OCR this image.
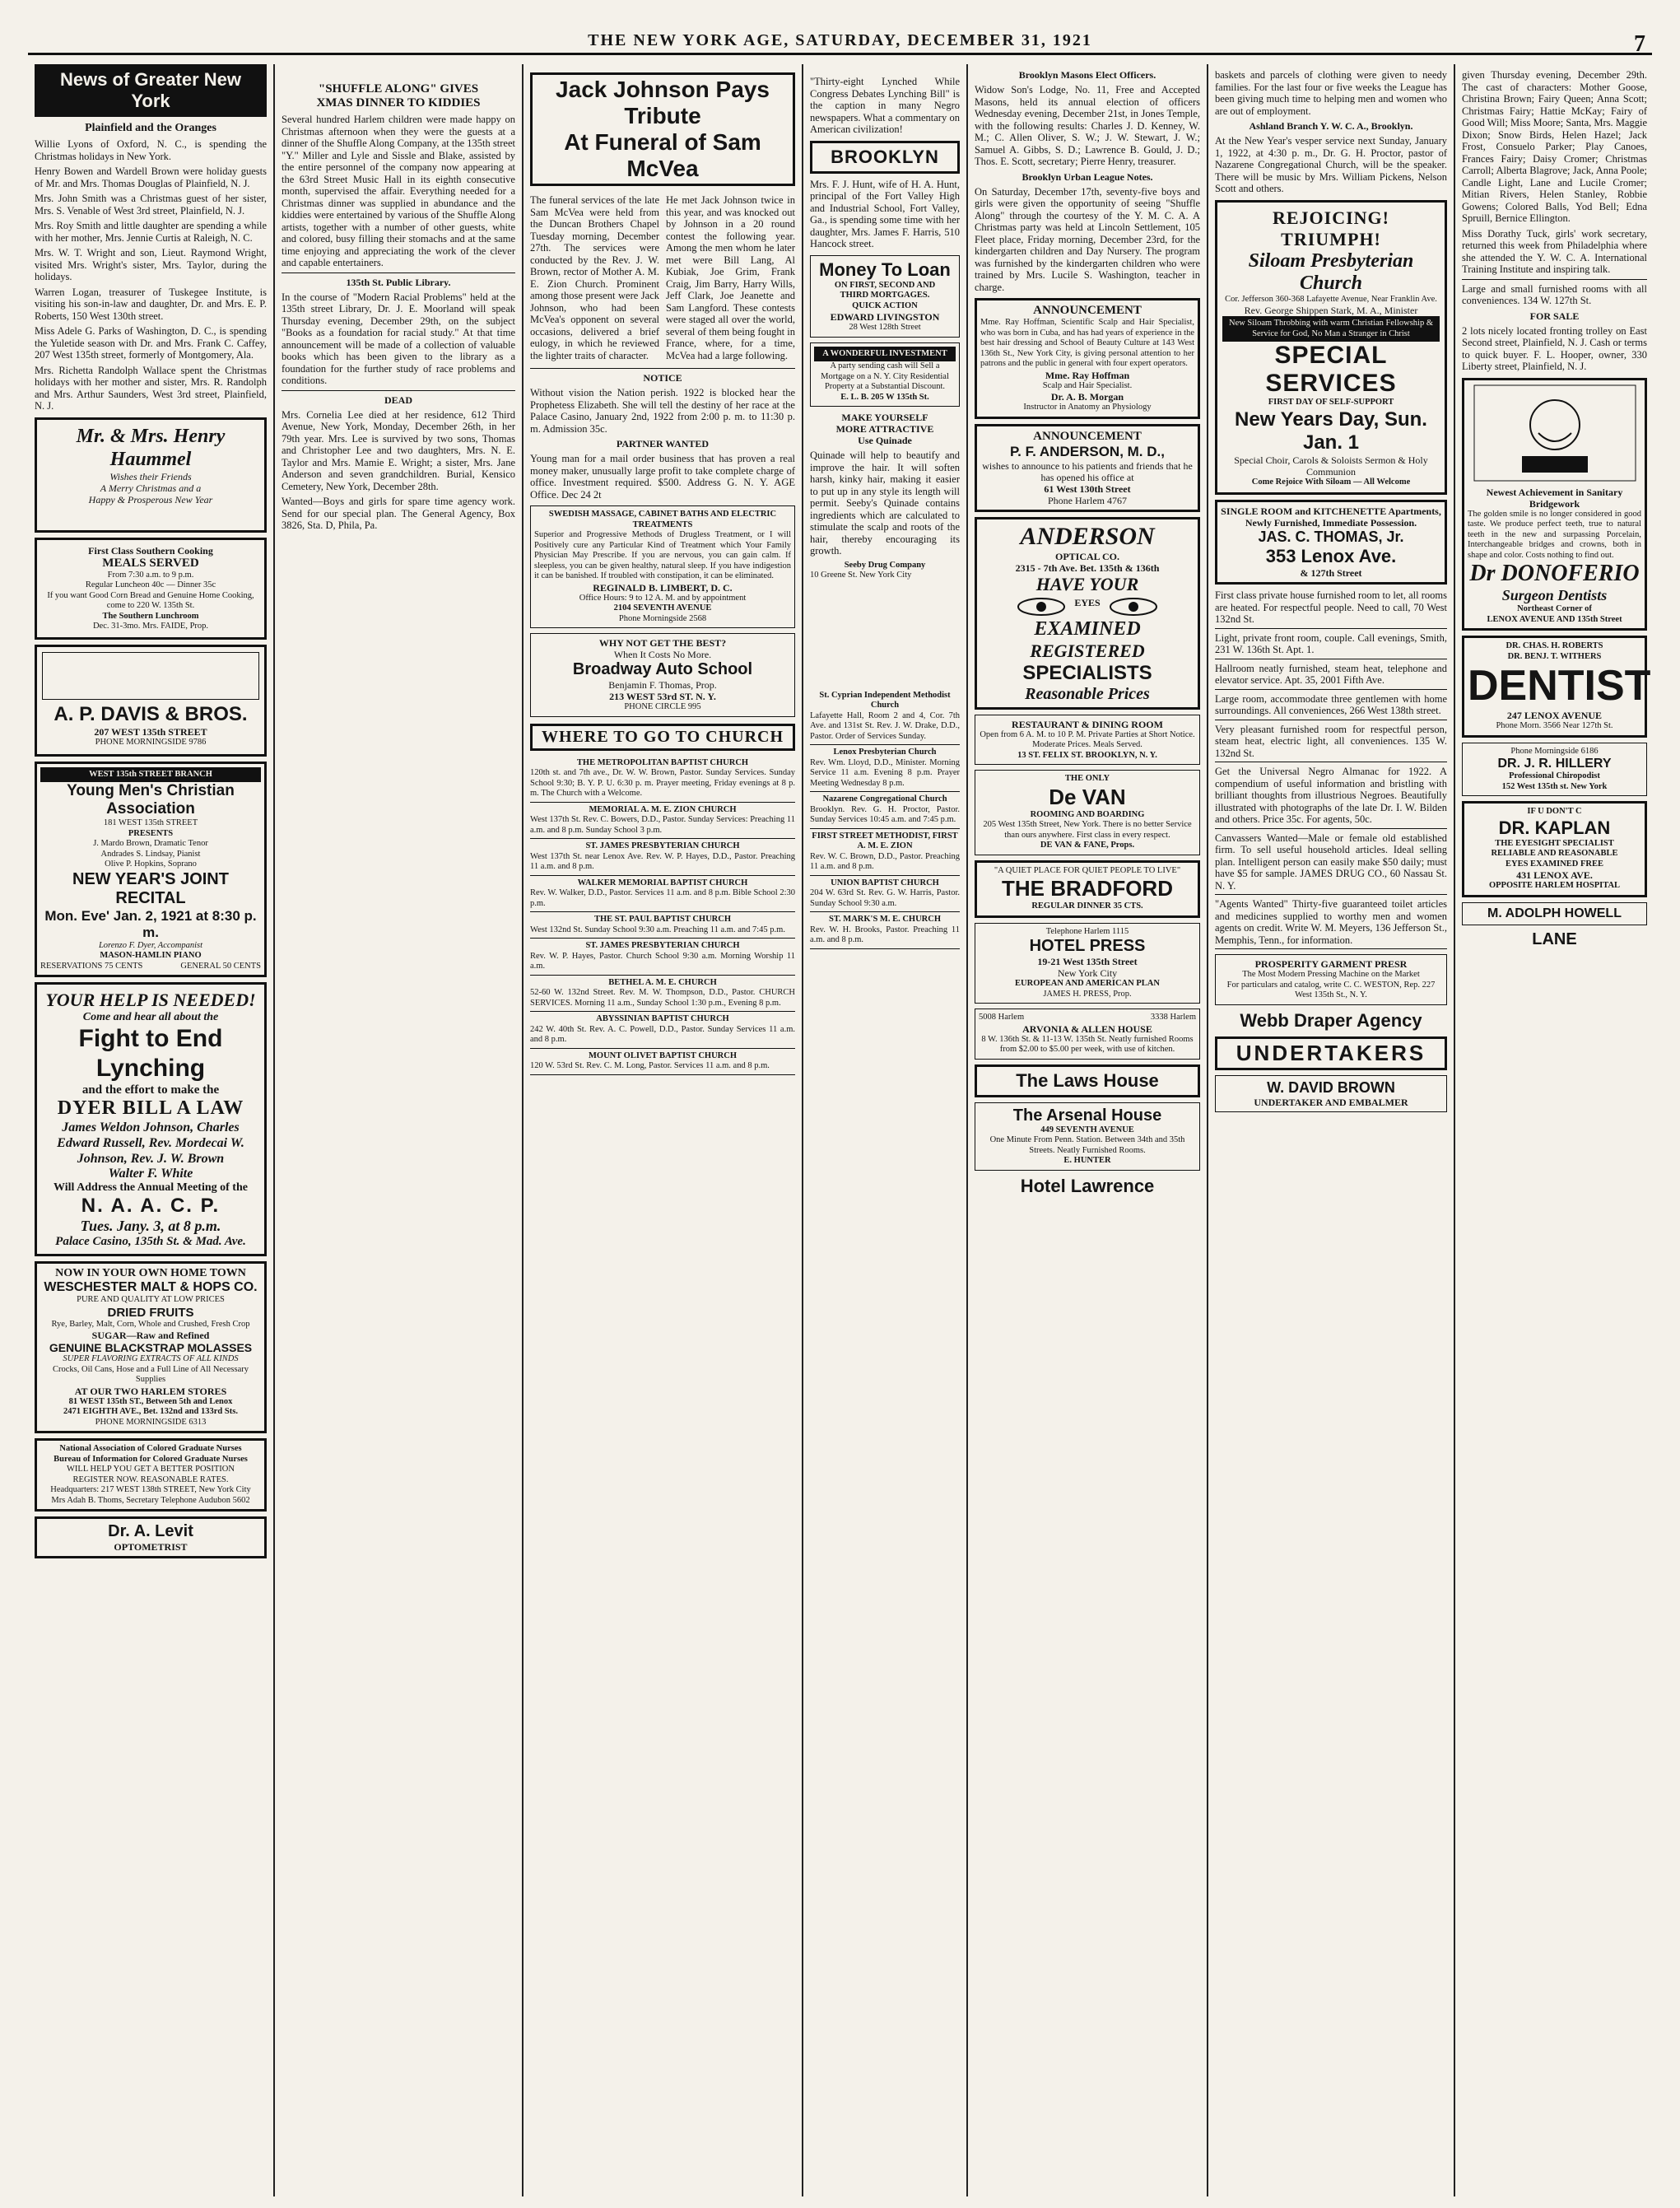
THE NEW YORK AGE, SATURDAY, DECEMBER 31, 1921	7
News of Greater New York
Plainfield and the Oranges

Willie Lyons of Oxford, N. C., is spending the Christmas holidays in New York.

Henry Bowen and Wardell Brown were holiday guests of Mr. and Mrs. Thomas Douglas of Plainfield, N. J.

Mrs. John Smith was a Christmas guest of her sister, Mrs. S. Venable of West 3rd street, Plainfield, N. J.

Mrs. Roy Smith and little daughter are spending a while with her mother, Mrs. Jennie Curtis at Raleigh, N. C.

Mrs. W. T. Wright and son, Lieut. Raymond Wright, visited Mrs. Wright's sister, Mrs. Taylor, during the holidays.

Warren Logan, treasurer of Tuskegee Institute, is visiting his son-in-law and daughter, Dr. and Mrs. E. P. Roberts, 150 West 130th street.

Miss Adele G. Parks of Washington, D. C., is spending the Yuletide season with Dr. and Mrs. Frank C. Caffey, 207 West 135th street, formerly of Montgomery, Ala.

Mrs. Richetta Randolph Wallace spent the Christmas holidays with her mother and sister, Mrs. R. Randolph and Mrs. Arthur Saunders, West 3rd street, Plainfield, N. J.

Mr. & Mrs. Henry Haummel
Wishes their Friends
A Merry Christmas and a
Happy & Prosperous New Year
First Class Southern Cooking
MEALS SERVED
From 7:30 a.m. to 9 p.m.
Regular Luncheon 40c — Dinner 35c
If you want Good Corn Bread and Genuine Home Cooking, come to 220 W. 135th St.
The Southern Lunchroom
Dec. 31-3mo. Mrs. FAIDE, Prop.
A. P. DAVIS & BROS.
207 WEST 135th STREET
PHONE MORNINGSIDE 9786
WEST 135th STREET BRANCH
Young Men's Christian Association
181 WEST 135th STREET
PRESENTS
J. Mardo Brown, Dramatic Tenor
Andrades S. Lindsay, Pianist
Olive P. Hopkins, Soprano
NEW YEAR'S JOINT RECITAL
Mon. Eve' Jan. 2, 1921 at 8:30 p. m.
Lorenzo F. Dyer, Accompanist
MASON-HAMLIN PIANO
RESERVATIONS 75 CENTS	GENERAL 50 CENTS
YOUR HELP IS NEEDED!
Come and hear all about the
Fight to End Lynching
and the effort to make the
DYER BILL A LAW
James Weldon Johnson, Charles Edward Russell, Rev. Mordecai W. Johnson, Rev. J. W. Brown
Walter F. White
Will Address the Annual Meeting of the
N. A. A. C. P.
Tues. Jany. 3, at 8 p.m.
Palace Casino, 135th St. & Mad. Ave.
NOW IN YOUR OWN HOME TOWN
WESCHESTER MALT & HOPS CO.
PURE AND QUALITY AT LOW PRICES
DRIED FRUITS
Rye, Barley, Malt, Corn, Whole and Crushed, Fresh Crop
SUGAR—Raw and Refined
GENUINE BLACKSTRAP MOLASSES
SUPER FLAVORING EXTRACTS OF ALL KINDS
Crocks, Oil Cans, Hose and a Full Line of All Necessary Supplies
AT OUR TWO HARLEM STORES
81 WEST 135th ST., Between 5th and Lenox
2471 EIGHTH AVE., Bet. 132nd and 133rd Sts.
PHONE MORNINGSIDE 6313
National Association of Colored Graduate Nurses
Bureau of Information for Colored Graduate Nurses
WILL HELP YOU GET A BETTER POSITION
REGISTER NOW. REASONABLE RATES.
Headquarters: 217 WEST 138th STREET, New York City
Mrs Adah B. Thoms, Secretary Telephone Audubon 5602
Dr. A. Levit
OPTOMETRIST
"SHUFFLE ALONG" GIVES
XMAS DINNER TO KIDDIES

Several hundred Harlem children were made happy on Christmas afternoon when they were the guests at a dinner of the Shuffle Along Company, at the 135th street "Y." Miller and Lyle and Sissle and Blake, assisted by the entire personnel of the company now appearing at the 63rd Street Music Hall in its eighth consecutive month, supervised the affair. Everything needed for a Christmas dinner was supplied in abundance and the kiddies were entertained by various of the Shuffle Along artists, together with a number of other guests, white and colored, busy filling their stomachs and at the same time enjoying and appreciating the work of the clever and capable entertainers.

135th St. Public Library.

In the course of "Modern Racial Problems" held at the 135th street Library, Dr. J. E. Moorland will speak Thursday evening, December 29th, on the subject "Books as a foundation for racial study." At that time announcement will be made of a collection of valuable books which has been given to the library as a foundation for the further study of race problems and conditions.

DEAD

Mrs. Cornelia Lee died at her residence, 612 Third Avenue, New York, Monday, December 26th, in her 79th year. Mrs. Lee is survived by two sons, Thomas and Christopher Lee and two daughters, Mrs. N. E. Taylor and Mrs. Mamie E. Wright; a sister, Mrs. Jane Anderson and seven grandchildren. Burial, Kensico Cemetery, New York, December 28th.

Wanted—Boys and girls for spare time agency work. Send for our special plan. The General Agency, Box 3826, Sta. D, Phila, Pa.

Jack Johnson Pays Tribute
At Funeral of Sam McVea

The funeral services of the late Sam McVea were held from the Duncan Brothers Chapel Tuesday morning, December 27th. The services were conducted by the Rev. J. W. Brown, rector of Mother A. M. E. Zion Church. Prominent among those present were Jack Johnson, who had been McVea's opponent on several occasions, delivered a brief eulogy, in which he reviewed the lighter traits of character.

He met Jack Johnson twice in this year, and was knocked out by Johnson in a 20 round contest the following year. Among the men whom he later met were Bill Lang, Al Kubiak, Joe Grim, Frank Craig, Jim Barry, Harry Wills, Jeff Clark, Joe Jeanette and Sam Langford. These contests were staged all over the world, several of them being fought in France, where, for a time, McVea had a large following.

NOTICE

Without vision the Nation perish. 1922 is blocked hear the Prophetess Elizabeth. She will tell the destiny of her race at the Palace Casino, January 2nd, 1922 from 2:00 p. m. to 11:30 p. m. Admission 35c.

PARTNER WANTED

Young man for a mail order business that has proven a real money maker, unusually large profit to take complete charge of office. Investment required. $500. Address G. N. Y. AGE Office. Dec 24 2t

SWEDISH MASSAGE, CABINET BATHS AND ELECTRIC TREATMENTS

Superior and Progressive Methods of Drugless Treatment, or I will Positively cure any Particular Kind of Treatment which Your Family Physician May Prescribe. If you are nervous, you can gain calm. If sleepless, you can be given healthy, natural sleep. If you have indigestion it can be banished. If troubled with constipation, it can be eliminated.

REGINALD B. LIMBERT, D. C.
Office Hours: 9 to 12 A. M. and by appointment
2104 SEVENTH AVENUE
Phone Morningside 2568
WHY NOT GET THE BEST?
When It Costs No More.
Broadway Auto School
Benjamin F. Thomas, Prop.
213 WEST 53rd ST. N. Y.
PHONE CIRCLE 995
WHERE TO GO TO CHURCH
THE METROPOLITAN BAPTIST CHURCH
120th st. and 7th ave., Dr. W. W. Brown, Pastor. Sunday Services. Sunday School 9:30; B. Y. P. U. 6:30 p. m. Prayer meeting, Friday evenings at 8 p. m. The Church with a Welcome.
MEMORIAL A. M. E. ZION CHURCH
West 137th St. Rev. C. Bowers, D.D., Pastor. Sunday Services: Preaching 11 a.m. and 8 p.m. Sunday School 3 p.m.
ST. JAMES PRESBYTERIAN CHURCH
West 137th St. near Lenox Ave. Rev. W. P. Hayes, D.D., Pastor. Preaching 11 a.m. and 8 p.m.
WALKER MEMORIAL BAPTIST CHURCH
Rev. W. Walker, D.D., Pastor. Services 11 a.m. and 8 p.m. Bible School 2:30 p.m.
THE ST. PAUL BAPTIST CHURCH
West 132nd St. Sunday School 9:30 a.m. Preaching 11 a.m. and 7:45 p.m.
ST. JAMES PRESBYTERIAN CHURCH
Rev. W. P. Hayes, Pastor. Church School 9:30 a.m. Morning Worship 11 a.m.
BETHEL A. M. E. CHURCH
52-60 W. 132nd Street. Rev. M. W. Thompson, D.D., Pastor. CHURCH SERVICES. Morning 11 a.m., Sunday School 1:30 p.m., Evening 8 p.m.
ABYSSINIAN BAPTIST CHURCH
242 W. 40th St. Rev. A. C. Powell, D.D., Pastor. Sunday Services 11 a.m. and 8 p.m.
MOUNT OLIVET BAPTIST CHURCH
120 W. 53rd St. Rev. C. M. Long, Pastor. Services 11 a.m. and 8 p.m.

"Thirty-eight Lynched While Congress Debates Lynching Bill" is the caption in many Negro newspapers. What a commentary on American civilization!

BROOKLYN

Mrs. F. J. Hunt, wife of H. A. Hunt, principal of the Fort Valley High and Industrial School, Fort Valley, Ga., is spending some time with her daughter, Mrs. James F. Harris, 510 Hancock street.

Money To Loan
ON FIRST, SECOND AND
THIRD MORTGAGES.
QUICK ACTION
EDWARD LIVINGSTON
28 West 128th Street
A WONDERFUL INVESTMENT
A party sending cash will Sell a Mortgage on a N. Y. City Residential Property at a Substantial Discount.
E. L. B. 205 W 135th St.
MAKE YOURSELF
MORE ATTRACTIVE
Use Quinade

Quinade will help to beautify and improve the hair. It will soften harsh, kinky hair, making it easier to put up in any style its length will permit. Seeby's Quinade contains ingredients which are calculated to stimulate the scalp and roots of the hair, thereby encouraging its growth.

Seeby Drug Company
10 Greene St. New York City
St. Cyprian Independent Methodist Church
Lafayette Hall, Room 2 and 4, Cor. 7th Ave. and 131st St. Rev. J. W. Drake, D.D., Pastor. Order of Services Sunday.
Lenox Presbyterian Church
Rev. Wm. Lloyd, D.D., Minister. Morning Service 11 a.m. Evening 8 p.m. Prayer Meeting Wednesday 8 p.m.
Nazarene Congregational Church
Brooklyn. Rev. G. H. Proctor, Pastor. Sunday Services 10:45 a.m. and 7:45 p.m.
FIRST STREET METHODIST, FIRST A. M. E. ZION
Rev. W. C. Brown, D.D., Pastor. Preaching 11 a.m. and 8 p.m.
UNION BAPTIST CHURCH
204 W. 63rd St. Rev. G. W. Harris, Pastor. Sunday School 9:30 a.m.
ST. MARK'S M. E. CHURCH
Rev. W. H. Brooks, Pastor. Preaching 11 a.m. and 8 p.m.
Brooklyn Masons Elect Officers.

Widow Son's Lodge, No. 11, Free and Accepted Masons, held its annual election of officers Wednesday evening, December 21st, in Jones Temple, with the following results: Charles J. D. Kenney, W. M.; C. Allen Oliver, S. W.; J. W. Stewart, J. W.; Samuel A. Gibbs, S. D.; Lawrence B. Gould, J. D.; Thos. E. Scott, secretary; Pierre Henry, treasurer.

Brooklyn Urban League Notes.

On Saturday, December 17th, seventy-five boys and girls were given the opportunity of seeing "Shuffle Along" through the courtesy of the Y. M. C. A. A Christmas party was held at Lincoln Settlement, 105 Fleet place, Friday morning, December 23rd, for the kindergarten children and Day Nursery. The program was furnished by the kindergarten children who were trained by Mrs. Lucile S. Washington, teacher in charge.

ANNOUNCEMENT

Mme. Ray Hoffman, Scientific Scalp and Hair Specialist, who was born in Cuba, and has had years of experience in the best hair dressing and School of Beauty Culture at 143 West 136th St., New York City, is giving personal attention to her patrons and the public in general with four expert operators.

Mme. Ray Hoffman
Scalp and Hair Specialist.
Dr. A. B. Morgan
Instructor in Anatomy an Physiology
ANNOUNCEMENT
P. F. ANDERSON, M. D.,
wishes to announce to his patients and friends that he has opened his office at
61 West 130th Street
Phone Harlem 4767
ANDERSON
OPTICAL CO.
2315 - 7th Ave. Bet. 135th & 136th
HAVE YOUR
EYES
EXAMINED
REGISTERED
SPECIALISTS
Reasonable Prices
RESTAURANT & DINING ROOM
Open from 6 A. M. to 10 P. M. Private Parties at Short Notice. Moderate Prices. Meals Served.
13 ST. FELIX ST. BROOKLYN, N. Y.
THE ONLY
De VAN
ROOMING AND BOARDING
205 West 135th Street, New York. There is no better Service than ours anywhere. First class in every respect.
DE VAN & FANE, Props.
"A QUIET PLACE FOR QUIET PEOPLE TO LIVE"
THE BRADFORD
REGULAR DINNER 35 CTS.
Telephone Harlem 1115
HOTEL PRESS
19-21 West 135th Street
New York City
EUROPEAN AND AMERICAN PLAN
JAMES H. PRESS, Prop.
5008 Harlem	3338 Harlem
ARVONIA & ALLEN HOUSE
8 W. 136th St. & 11-13 W. 135th St. Neatly furnished Rooms from $2.00 to $5.00 per week, with use of kitchen.
The Laws House
The Arsenal House
449 SEVENTH AVENUE
One Minute From Penn. Station. Between 34th and 35th Streets. Neatly Furnished Rooms.
E. HUNTER
Hotel Lawrence

baskets and parcels of clothing were given to needy families. For the last four or five weeks the League has been giving much time to helping men and women who are out of employment.

Ashland Branch Y. W. C. A., Brooklyn.

At the New Year's vesper service next Sunday, January 1, 1922, at 4:30 p. m., Dr. G. H. Proctor, pastor of Nazarene Congregational Church, will be the speaker. There will be music by Mrs. William Pickens, Nelson Scott and others.

REJOICING! TRIUMPH!
Siloam Presbyterian Church
Cor. Jefferson 360-368 Lafayette Avenue, Near Franklin Ave.
Rev. George Shippen Stark, M. A., Minister
New Siloam Throbbing with warm Christian Fellowship & Service for God, No Man a Stranger in Christ
SPECIAL SERVICES
FIRST DAY OF SELF-SUPPORT
New Years Day, Sun. Jan. 1
Special Choir, Carols & Soloists Sermon & Holy Communion
Come Rejoice With Siloam — All Welcome
SINGLE ROOM and KITCHENETTE Apartments, Newly Furnished, Immediate Possession.
JAS. C. THOMAS, Jr.
353 Lenox Ave.
& 127th Street

First class private house furnished room to let, all rooms are heated. For respectful people. Need to call, 70 West 132nd St.

Light, private front room, couple. Call evenings, Smith, 231 W. 136th St. Apt. 1.

Hallroom neatly furnished, steam heat, telephone and elevator service. Apt. 35, 2001 Fifth Ave.

Large room, accommodate three gentlemen with home surroundings. All conveniences, 266 West 138th street.

Very pleasant furnished room for respectful person, steam heat, electric light, all conveniences. 135 W. 132nd St.

Get the Universal Negro Almanac for 1922. A compendium of useful information and bristling with brilliant thoughts from illustrious Negroes. Beautifully illustrated with photographs of the late Dr. I. W. Bilden and others. Price 35c. For agents, 50c.

Canvassers Wanted—Male or female old established firm. To sell useful household articles. Ideal selling plan. Intelligent person can easily make $50 daily; must have $5 for sample. JAMES DRUG CO., 60 Nassau St. N. Y.

"Agents Wanted" Thirty-five guaranteed toilet articles and medicines supplied to worthy men and women agents on credit. Write W. M. Meyers, 136 Jefferson St., Memphis, Tenn., for information.

PROSPERITY GARMENT PRESR
The Most Modern Pressing Machine on the Market
For particulars and catalog, write C. C. WESTON, Rep. 227 West 135th St., N. Y.
Webb Draper Agency
UNDERTAKERS
W. DAVID BROWN
UNDERTAKER AND EMBALMER

given Thursday evening, December 29th. The cast of characters: Mother Goose, Christina Brown; Fairy Queen; Anna Scott; Christmas Fairy; Hattie McKay; Fairy of Good Will; Miss Moore; Santa, Mrs. Maggie Dixon; Snow Birds, Helen Hazel; Jack Frost, Consuelo Parker; Play Canoes, Frances Fairy; Daisy Cromer; Christmas Carroll; Alberta Blagrove; Jack, Anna Poole; Candle Light, Lane and Lucile Cromer; Mitian Rivers, Helen Stanley, Robbie Gowens; Colored Balls, Yod Bell; Edna Spruill, Bernice Ellington.

Miss Dorathy Tuck, girls' work secretary, returned this week from Philadelphia where she attended the Y. W. C. A. International Training Institute and inspiring talk.

Large and small furnished rooms with all conveniences. 134 W. 127th St.

FOR SALE

2 lots nicely located fronting trolley on East Second street, Plainfield, N. J. Cash or terms to quick buyer. F. L. Hooper, owner, 330 Liberty street, Plainfield, N. J.

Newest Achievement in Sanitary Bridgework

The golden smile is no longer considered in good taste. We produce perfect teeth, true to natural teeth in the new and surpassing Porcelain, Interchangeable bridges and crowns, both in shape and color. Costs nothing to find out.

Dr DONOFERIO
Surgeon Dentists
Northeast Corner of
LENOX AVENUE AND 135th Street
DR. CHAS. H. ROBERTS
DR. BENJ. T. WITHERS
DENTIST
247 LENOX AVENUE
Phone Morn. 3566 Near 127th St.
Phone Morningside 6186
DR. J. R. HILLERY
Professional Chiropodist
152 West 135th st. New York
IF U DON'T C
DR. KAPLAN
THE EYESIGHT SPECIALIST
RELIABLE AND REASONABLE
EYES EXAMINED FREE
431 LENOX AVE.
OPPOSITE HARLEM HOSPITAL
M. ADOLPH HOWELL
LANE
